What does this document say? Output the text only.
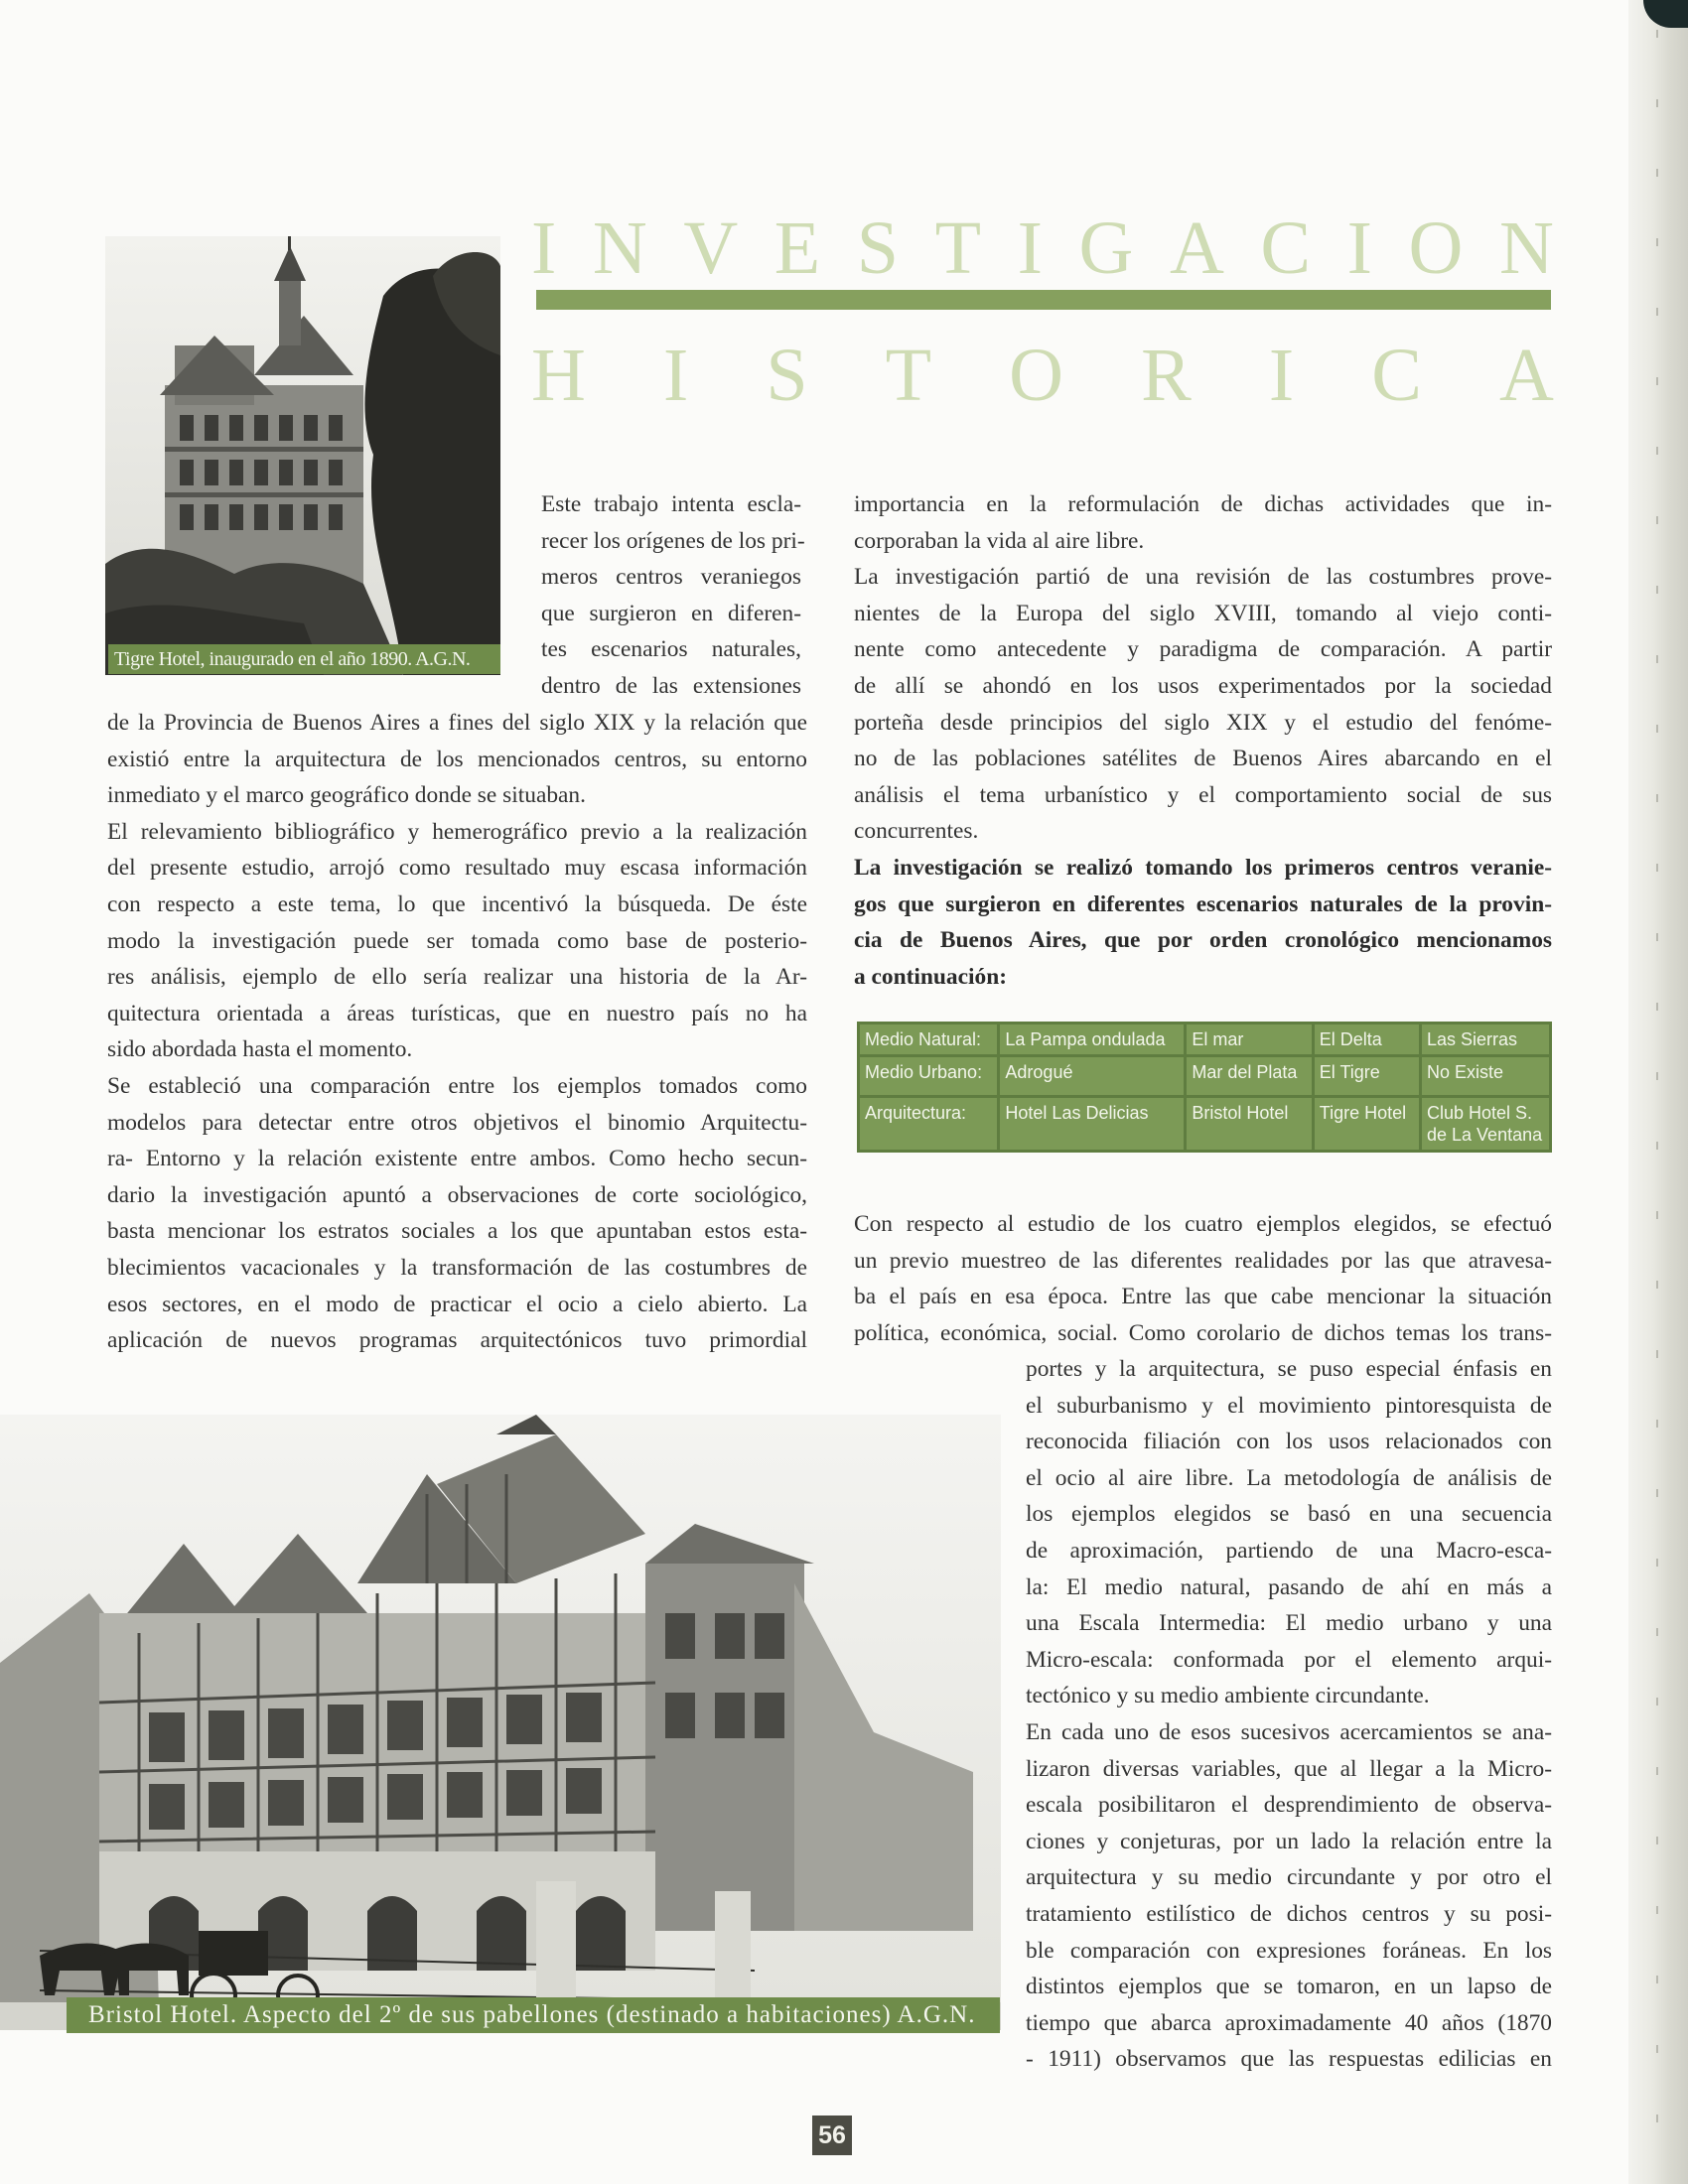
I N V E S T I G A C I O N
H I S T O R I C A
Tigre Hotel, inaugurado en el año 1890. A.G.N.
Este trabajo intenta escla-
recer los orígenes de los pri-
meros centros veraniegos
que surgieron en diferen-
tes escenarios naturales,
dentro de las extensiones
de la Provincia de Buenos Aires a fines del siglo XIX y la relación que
existió entre la arquitectura de los mencionados centros, su entorno
inmediato y el marco geográfico donde se situaban.
El relevamiento bibliográfico y hemerográfico previo a la realización
del presente estudio, arrojó como resultado muy escasa información
con respecto a este tema, lo que incentivó la búsqueda. De éste
modo la investigación puede ser tomada como base de posterio-
res análisis, ejemplo de ello sería realizar una historia de la Ar-
quitectura orientada a áreas turísticas, que en nuestro país no ha
sido abordada hasta el momento.
Se estableció una comparación entre los ejemplos tomados como
modelos para detectar entre otros objetivos el binomio Arquitectu-
ra- Entorno y la relación existente entre ambos. Como hecho secun-
dario la investigación apuntó a observaciones de corte sociológico,
basta mencionar los estratos sociales a los que apuntaban estos esta-
blecimientos vacacionales y la transformación de las costumbres de
esos sectores, en el modo de practicar el ocio a cielo abierto. La
aplicación de nuevos programas arquitectónicos tuvo primordial
importancia en la reformulación de dichas actividades que in-
corporaban la vida al aire libre.
La investigación partió de una revisión de las costumbres prove-
nientes de la Europa del siglo XVIII, tomando al viejo conti-
nente como antecedente y paradigma de comparación. A partir
de allí se ahondó en los usos experimentados por la sociedad
porteña desde principios del siglo XIX y el estudio del fenóme-
no de las poblaciones satélites de Buenos Aires abarcando en el
análisis el tema urbanístico y el comportamiento social de sus
concurrentes.
La investigación se realizó tomando los primeros centros veranie-
gos que surgieron en diferentes escenarios naturales de la provin-
cia de Buenos Aires, que por orden cronológico mencionamos
a continuación:
Medio Natural:	La Pampa ondulada	El mar	El Delta	Las Sierras
Medio Urbano:	Adrogué	Mar del Plata	El Tigre	No Existe
Arquitectura:	Hotel Las Delicias	Bristol Hotel	Tigre Hotel	Club Hotel S. de La Ventana
Con respecto al estudio de los cuatro ejemplos elegidos, se efectuó
un previo muestreo de las diferentes realidades por las que atravesa-
ba el país en esa época. Entre las que cabe mencionar la situación
política, económica, social. Como corolario de dichos temas los trans-
portes y la arquitectura, se puso especial énfasis en
el suburbanismo y el movimiento pintoresquista de
reconocida filiación con los usos relacionados con
el ocio al aire libre. La metodología de análisis de
los ejemplos elegidos se basó en una secuencia
de aproximación, partiendo de una Macro-esca-
la: El medio natural, pasando de ahí en más a
una Escala Intermedia: El medio urbano y una
Micro-escala: conformada por el elemento arqui-
tectónico y su medio ambiente circundante.
En cada uno de esos sucesivos acercamientos se ana-
lizaron diversas variables, que al llegar a la Micro-
escala posibilitaron el desprendimiento de observa-
ciones y conjeturas, por un lado la relación entre la
arquitectura y su medio circundante y por otro el
tratamiento estilístico de dichos centros y su posi-
ble comparación con expresiones foráneas. En los
distintos ejemplos que se tomaron, en un lapso de
tiempo que abarca aproximadamente 40 años (1870
- 1911) observamos que las respuestas edilicias en
Bristol Hotel. Aspecto del 2º de sus pabellones (destinado a habitaciones) A.G.N.
56
